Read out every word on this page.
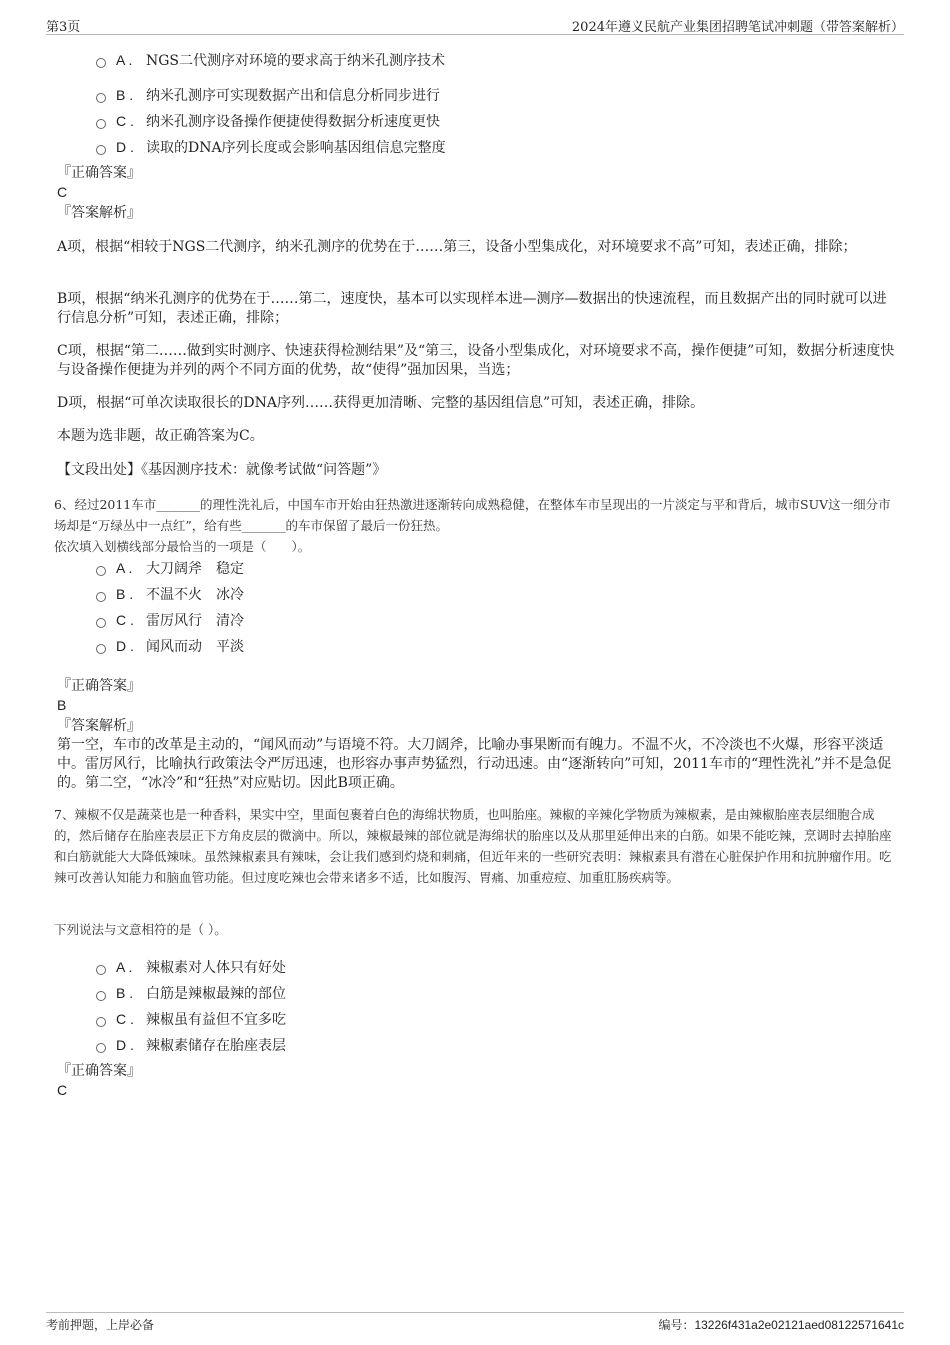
第3页	2024年遵义民航产业集团招聘笔试冲刺题（带答案解析）
A . NGS二代测序对环境的要求高于纳米孔测序技术
B . 纳米孔测序可实现数据产出和信息分析同步进行
C . 纳米孔测序设备操作便捷使得数据分析速度更快
D . 读取的DNA序列长度或会影响基因组信息完整度
『正确答案』
C
『答案解析』
A项，根据“相较于NGS二代测序，纳米孔测序的优势在于……第三，设备小型集成化，对环境要求不高”可知，表述正确，排除；
B项，根据“纳米孔测序的优势在于……第二，速度快，基本可以实现样本进—测序—数据出的快速流程，而且数据产出的同时就可以进行信息分析”可知，表述正确，排除；
C项，根据“第二……做到实时测序、快速获得检测结果”及“第三，设备小型集成化，对环境要求不高，操作便捷”可知，数据分析速度快与设备操作便捷为并列的两个不同方面的优势，故“使得”强加因果，当选；
D项，根据“可单次读取很长的DNA序列……获得更加清晰、完整的基因组信息”可知，表述正确，排除。
本题为选非题，故正确答案为C。
【文段出处】《基因测序技术：就像考试做“问答题”》
6、经过2011车市_______的理性洗礼后，中国车市开始由狂热激进逐渐转向成熟稳健，在整体车市呈现出的一片淡定与平和背后，城市SUV这一细分市场却是“万绿丛中一点红”，给有些_______的车市保留了最后一份狂热。
依次填入划横线部分最恰当的一项是（　　）。
A . 大刀阔斧　稳定
B . 不温不火　冰冷
C . 雷厉风行　清冷
D . 闻风而动　平淡
『正确答案』
B
『答案解析』
第一空，车市的改革是主动的，“闻风而动”与语境不符。大刀阔斧，比喻办事果断而有魄力。不温不火，不冷淡也不火爆，形容平淡适中。雷厉风行，比喻执行政策法令严厉迅速，也形容办事声势猛烈，行动迅速。由“逐渐转向”可知，2011车市的“理性洗礼”并不是急促的。第二空，“冰冷”和“狂热”对应贴切。因此B项正确。
7、辣椒不仅是蔬菜也是一种香料，果实中空，里面包裹着白色的海绵状物质，也叫胎座。辣椒的辛辣化学物质为辣椒素，是由辣椒胎座表层细胞合成的，然后储存在胎座表层正下方角皮层的微滴中。所以，辣椒最辣的部位就是海绵状的胎座以及从那里延伸出来的白筋。如果不能吃辣，烹调时去掉胎座和白筋就能大大降低辣味。虽然辣椒素具有辣味，会让我们感到灼烧和刺痛，但近年来的一些研究表明：辣椒素具有潜在心脏保护作用和抗肿瘤作用。吃辣可改善认知能力和脑血管功能。但过度吃辣也会带来诸多不适，比如腹泻、胃痛、加重痘痘、加重肛肠疾病等。
下列说法与文意相符的是（ ）。
A . 辣椒素对人体只有好处
B . 白筋是辣椒最辣的部位
C . 辣椒虽有益但不宜多吃
D . 辣椒素储存在胎座表层
『正确答案』
C
考前押题，上岸必备	编号：13226f431a2e02121aed08122571641c
